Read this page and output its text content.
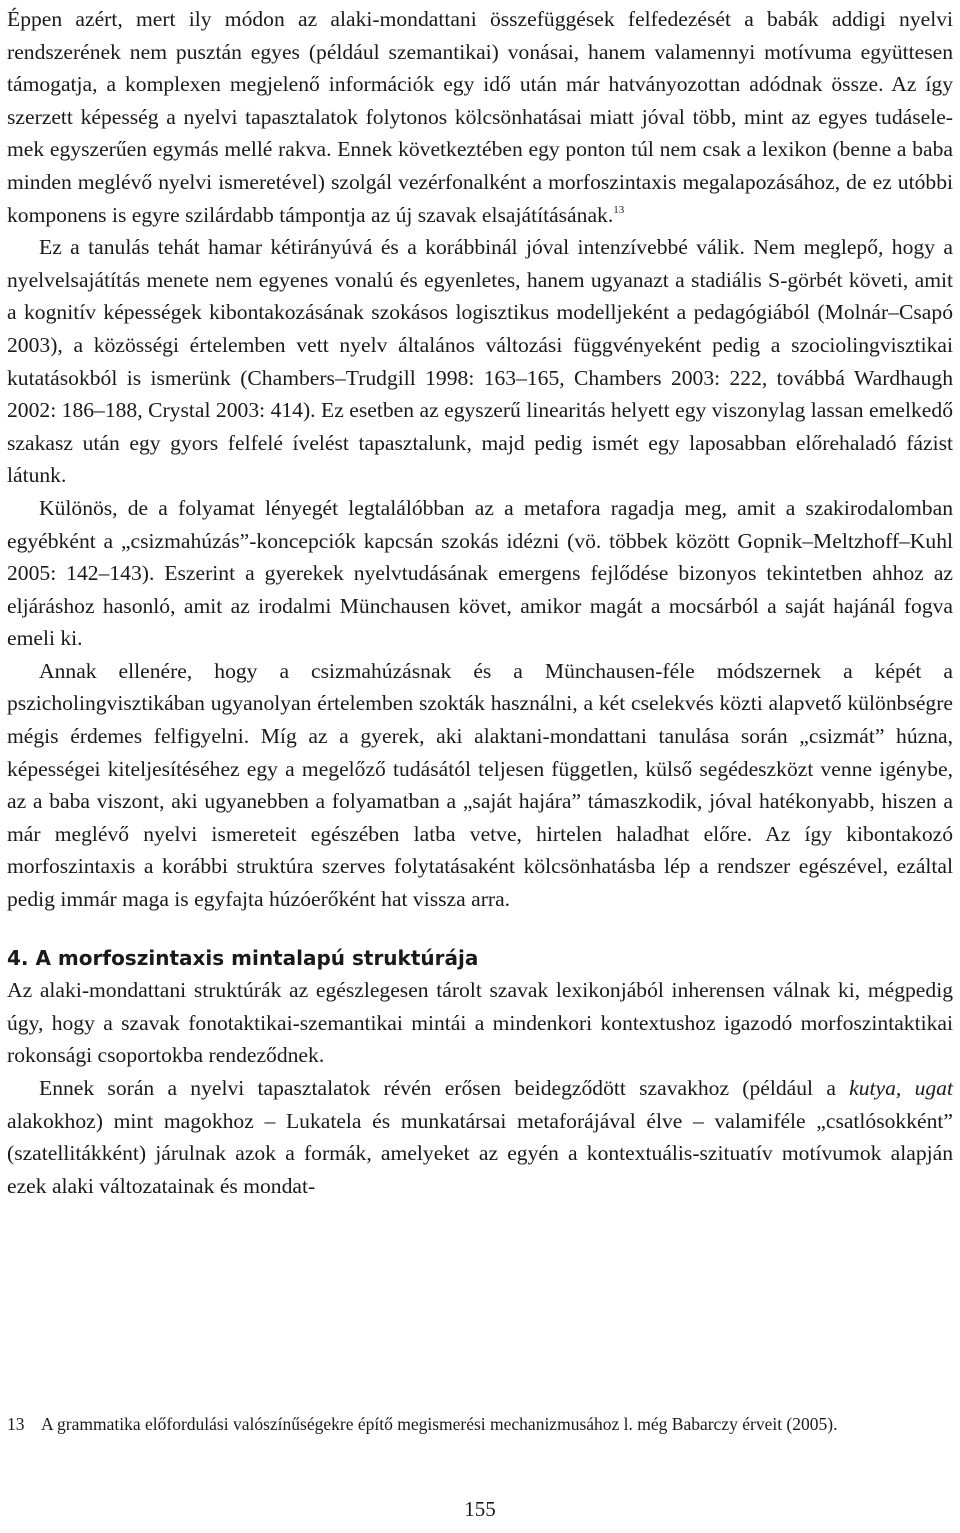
Éppen azért, mert ily módon az alaki-mondattani összefüggések felfedezését a babák addigi nyelvi rendszerének nem pusztán egyes (például szemantikai) vonásai, hanem valamennyi motívuma együttesen támogatja, a komplexen megjelenő információk egy idő után már hatványozottan adódnak össze. Az így szerzett képesség a nyelvi tapasztalatok folytonos kölcsönhatásai miatt jóval több, mint az egyes tudáselemek egyszerűen egymás mellé rakva. Ennek következtében egy ponton túl nem csak a lexikon (benne a baba minden meglévő nyelvi ismeretével) szolgál vezérfonalként a morfoszintaxis megalapozásához, de ez utóbbi komponens is egyre szilárdabb támpontja az új szavak elsajátításának.$^{13}$

Ez a tanulás tehát hamar kétirányúvá és a korábbinál jóval intenzívebbé válik. Nem meglepő, hogy a nyelvelsajátítás menete nem egyenes vonalú és egyenletes, hanem ugyanazt a stadiális S-görbét követi, amit a kognitív képességek kibontakozásának szokásos logisztikus modelljeként a pedagógiából (Molnár–Csapó 2003), a közösségi értelemben vett nyelv általános változási függvényeként pedig a szociolingvisztikai kutatásokból is ismerünk (Chambers–Trudgill 1998: 163–165, Chambers 2003: 222, továbbá Wardhaugh 2002: 186–188, Crystal 2003: 414). Ez esetben az egyszerű linearitás helyett egy viszonylag lassan emelkedő szakasz után egy gyors felfelé ívelést tapasztalunk, majd pedig ismét egy laposabban előrehaladó fázist látunk.

Különös, de a folyamat lényegét legtalálóbban az a metafora ragadja meg, amit a szakirodalomban egyébként a „csizmahúzás”-koncepciók kapcsán szokás idézni (vö. többek között Gopnik–Meltzhoff–Kuhl 2005: 142–143). Eszerint a gyerekek nyelvtudásának emergens fejlődése bizonyos tekintetben ahhoz az eljáráshoz hasonló, amit az irodalmi Münchausen követ, amikor magát a mocsárból a saját hajánál fogva emeli ki.

Annak ellenére, hogy a csizmahúzásnak és a Münchausen-féle módszernek a képét a pszicholingvisztikában ugyanolyan értelemben szokták használni, a két cselekvés közti alapvető különbségre mégis érdemes felfigyelni. Míg az a gyerek, aki alaktani-mondattani tanulása során „csizmát” húzna, képességei kiteljesítéséhez egy a megelőző tudásától teljesen független, külső segédeszközt venne igénybe, az a baba viszont, aki ugyanebben a folyamatban a „saját hajára” támaszkodik, jóval hatékonyabb, hiszen a már meglévő nyelvi ismereteit egészében latba vetve, hirtelen haladhat előre. Az így kibontakozó morfoszintaxis a korábbi struktúra szerves folytatásaként kölcsönhatásba lép a rendszer egészével, ezáltal pedig immár maga is egyfajta húzóerőként hat vissza arra.

4. A morfoszintaxis mintalapú struktúrája

Az alaki-mondattani struktúrák az egészlegesen tárolt szavak lexikonjából inherensen válnak ki, mégpedig úgy, hogy a szavak fonotaktikai-szemantikai mintái a mindenkori kontextushoz igazodó morfoszintaktikai rokonsági csoportokba rendeződnek.

Ennek során a nyelvi tapasztalatok révén erősen beidegződött szavakhoz (például a kutya, ugat alakokhoz) mint magokhoz – Lukatela és munkatársai metaforájával élve – valamiféle „csatlósokként” (szatellitákként) járulnak azok a formák, amelyeket az egyén a kontextuális-szituatív motívumok alapján ezek alaki változatainak és mondat-

13 A grammatika előfordulási valószínűségekre építő megismerési mechanizmusához l. még Babarczy érveit (2005).
155
